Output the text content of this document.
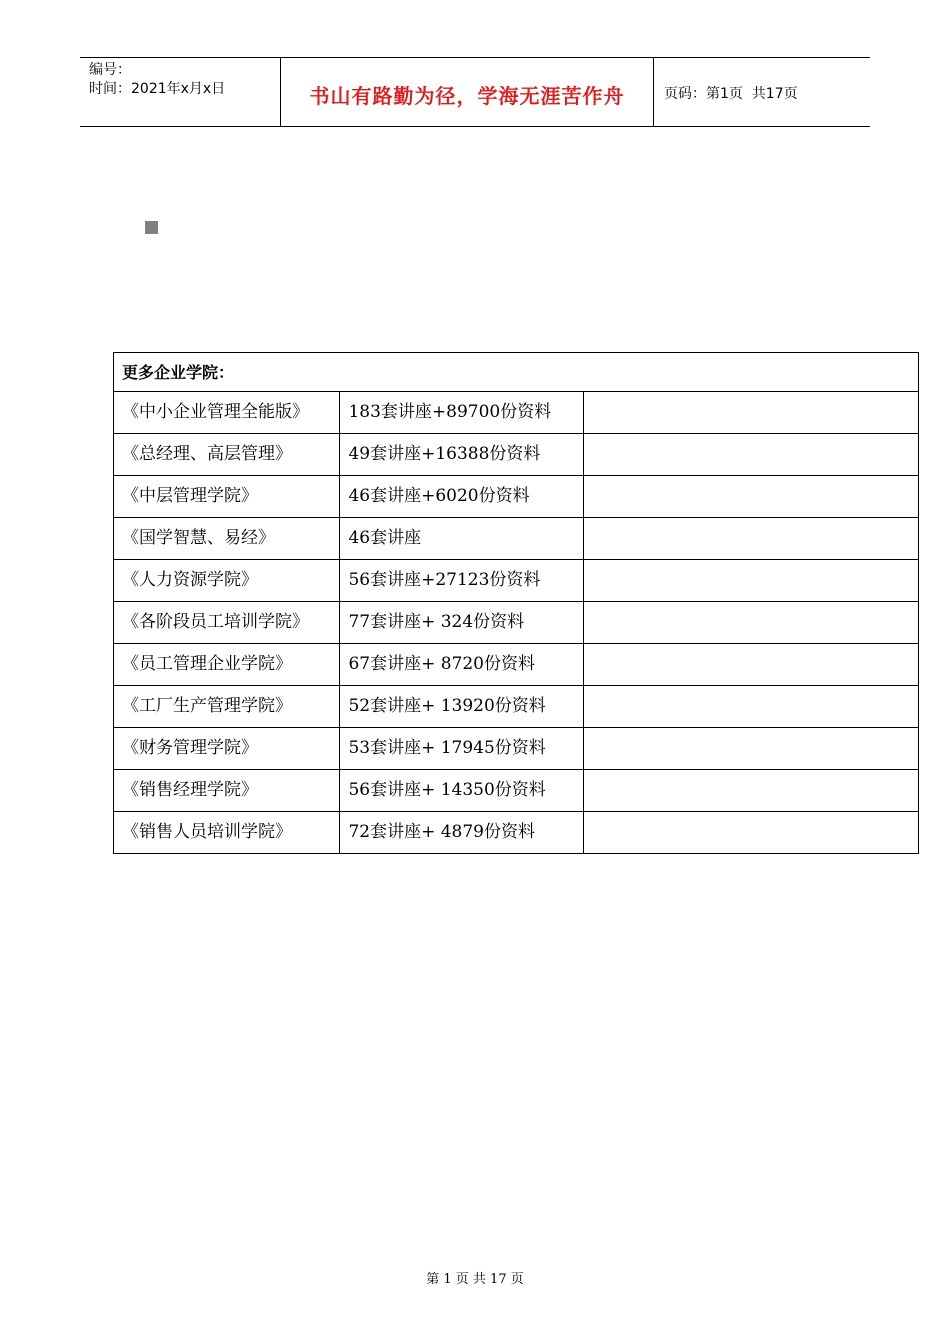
编号：
时间：2021年x月x日	书山有路勤为径，学海无涯苦作舟	页码：第1页  共17页
更多企业学院：		
《中小企业管理全能版》	183套讲座+89700份资料	
《总经理、高层管理》	49套讲座+16388份资料	
《中层管理学院》	46套讲座+6020份资料	
《国学智慧、易经》	46套讲座	
《人力资源学院》	56套讲座+27123份资料	
《各阶段员工培训学院》	77套讲座+ 324份资料	
《员工管理企业学院》	67套讲座+ 8720份资料	
《工厂生产管理学院》	52套讲座+ 13920份资料	
《财务管理学院》	53套讲座+ 17945份资料	
《销售经理学院》	56套讲座+ 14350份资料	
《销售人员培训学院》	72套讲座+ 4879份资料	
第 1 页 共 17 页
